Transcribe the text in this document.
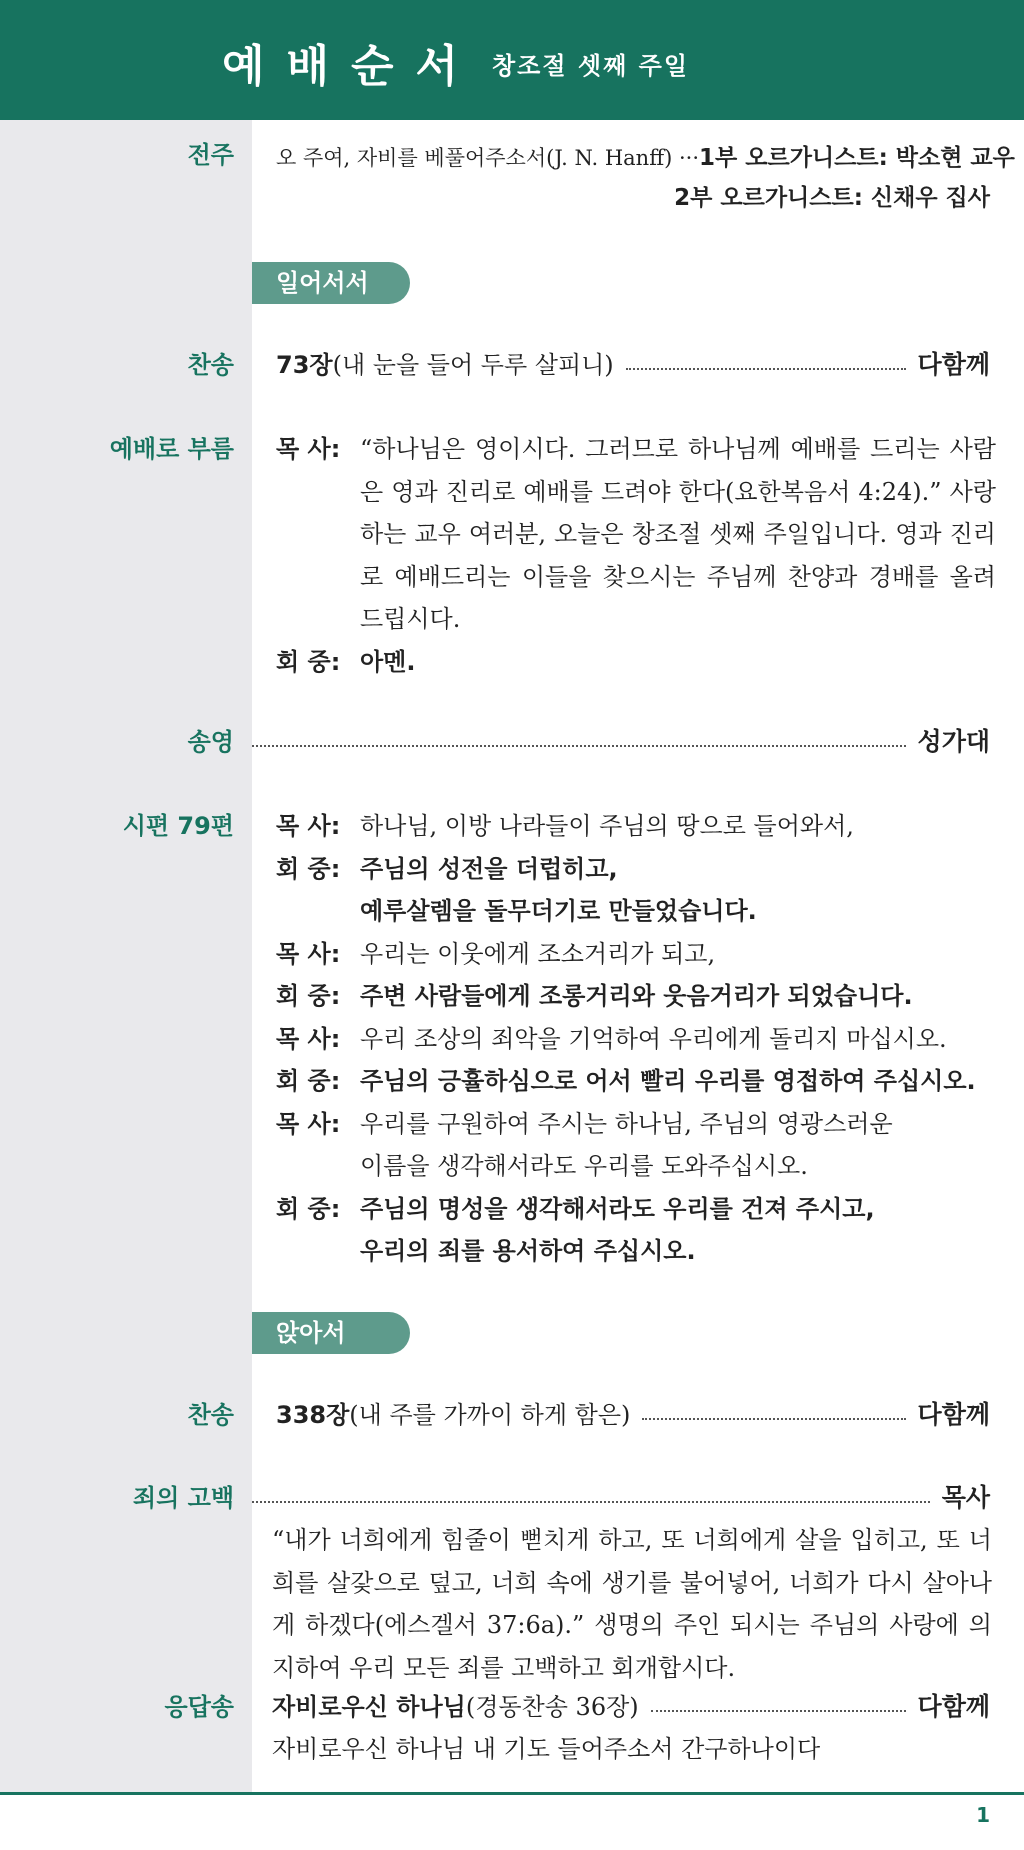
예배순서 창조절 셋째 주일
전주 오 주여, 자비를 베풀어주소서(J. N. Hanff) ··· 1부 오르가니스트: 박소현 교우
2부 오르가니스트: 신채우 집사
일어서서
찬송 73장 (내 눈을 들어 두루 살피니)	다함께
예배로 부름 목 사: “하나님은 영이시다. 그러므로 하나님께 예배를 드리는 사람은 영과 진리로 예배를 드려야 한다(요한복음서 4:24).” 사랑하는 교우 여러분, 오늘은 창조절 셋째 주일입니다. 영과 진리로 예배드리는 이들을 찾으시는 주님께 찬양과 경배를 올려 드립시다.
회 중: 아멘.
송영	성가대
시편 79편 목 사: 하나님, 이방 나라들이 주님의 땅으로 들어와서,
회 중: 주님의 성전을 더럽히고,
예루살렘을 돌무더기로 만들었습니다.
목 사: 우리는 이웃에게 조소거리가 되고,
회 중: 주변 사람들에게 조롱거리와 웃음거리가 되었습니다.
목 사: 우리 조상의 죄악을 기억하여 우리에게 돌리지 마십시오.
회 중: 주님의 긍휼하심으로 어서 빨리 우리를 영접하여 주십시오.
목 사: 우리를 구원하여 주시는 하나님, 주님의 영광스러운
이름을 생각해서라도 우리를 도와주십시오.
회 중: 주님의 명성을 생각해서라도 우리를 건져 주시고,
우리의 죄를 용서하여 주십시오.
앉아서
찬송 338장 (내 주를 가까이 하게 함은)	다함께
죄의 고백	목사
“내가 너희에게 힘줄이 뻗치게 하고, 또 너희에게 살을 입히고, 또 너희를 살갗으로 덮고, 너희 속에 생기를 불어넣어, 너희가 다시 살아나게 하겠다(에스겔서 37:6a).” 생명의 주인 되시는 주님의 사랑에 의지하여 우리 모든 죄를 고백하고 회개합시다.
응답송 자비로우신 하나님 (경동찬송 36장)	다함께
자비로우신 하나님 내 기도 들어주소서 간구하나이다
1
